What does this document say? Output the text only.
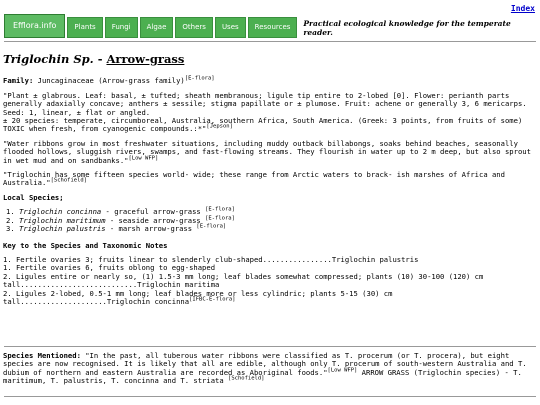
Index
Efflora.info	Plants	Fungi	Algae	Others	Uses	Resources	Practical ecological knowledge for the temperate reader.
Triglochin Sp. - Arrow-grass

Family: Juncaginaceae (Arrow-grass family)[E-flora]

"Plant ± glabrous. Leaf: basal, ± tufted; sheath membranous; ligule tip entire to 2-lobed [0]. Flower: perianth parts generally adaxially concave; anthers ± sessile; stigma papillate or ± plumose. Fruit: achene or generally 3, 6 mericarps. Seed: 1, linear, ± flat or angled.
± 20 species: temperate, circumboreal, Australia, southern Africa, South America. (Greek: 3 points, from fruits of some) TOXIC when fresh, from cyanogenic compounds.:*"[Jepson]

"Water ribbons grow in most freshwater situations, including muddy outback billabongs, soaks behind beaches, seasonally flooded hollows, sluggish rivers, swamps, and fast-flowing streams. They flourish in water up to 2 m deep, but also sprout in wet mud and on sandbanks."[Low WFP]

"Triglochin has some fifteen species world- wide; these range from Arctic waters to brack- ish marshes of Africa and Australia."[Schofield]

Local Species;

1. Triglochin concinna - graceful arrow-grass [E-flora]
2. Triglochin maritimum - seaside arrow-grass [E-flora]
3. Triglochin palustris - marsh arrow-grass [E-flora]

Key to the Species and Taxonomic Notes

1. Fertile ovaries 3; fruits linear to slenderly club-shaped................Triglochin palustris
1. Fertile ovaries 6, fruits oblong to egg-shaped
2. Ligules entire or nearly so, (1) 1.5-3 mm long; leaf blades somewhat compressed; plants (10) 30-100 (120) cm
tall...........................Triglochin maritima
2. Ligules 2-lobed, 0.5-1 mm long; leaf blades more or less cylindric; plants 5-15 (30) cm
tall....................Triglochin concinna[IFBC-E-flora]

Species Mentioned: "In the past, all tuberous water ribbons were classified as T. procerum (or T. procera), but eight species are now recognised. It is likely that all are edible, although only T. procerum of south-western Australia and T. dubium of northern and eastern Australia are recorded as Aboriginal foods."[Low WFP] ARROW GRASS (Triglochin species) - T. maritimum, T. palustris, T. concinna and T. striata [Schofield]
